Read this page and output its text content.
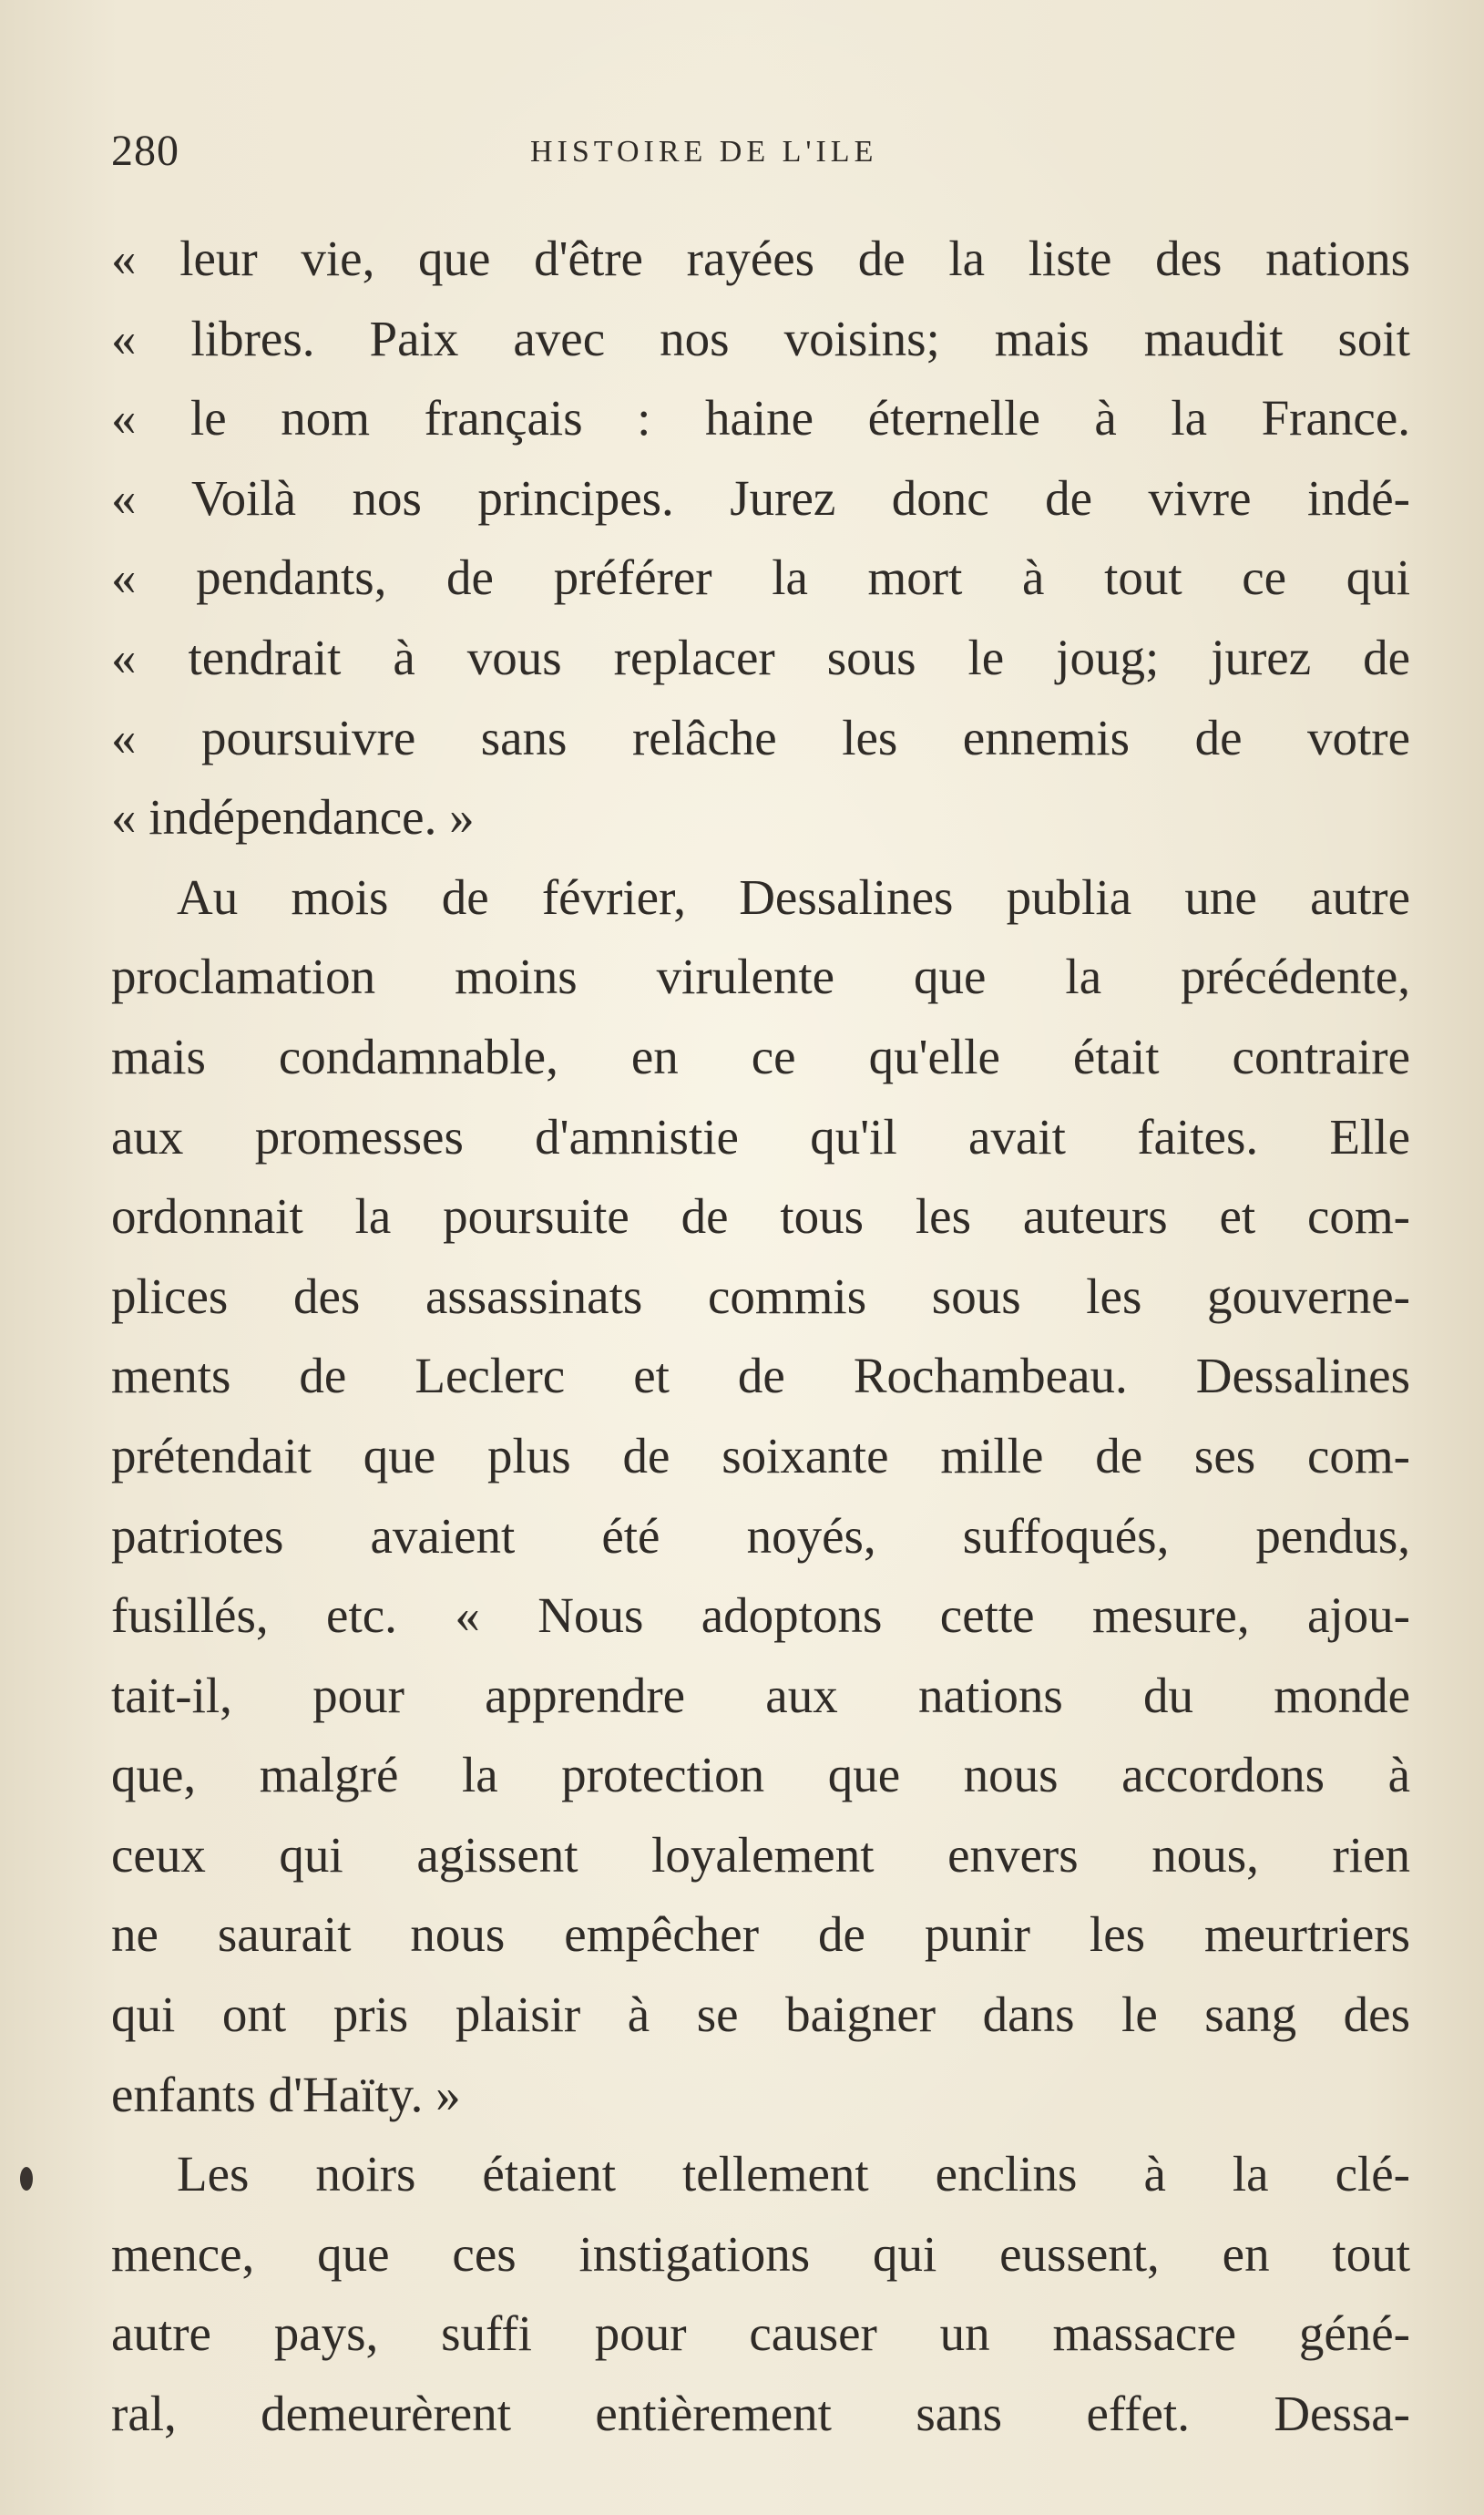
280	HISTOIRE DE L'ILE
« leur vie, que d'être rayées de la liste des nations
« libres. Paix avec nos voisins; mais maudit soit
« le nom français : haine éternelle à la France.
« Voilà nos principes. Jurez donc de vivre indé-
« pendants, de préférer la mort à tout ce qui
« tendrait à vous replacer sous le joug; jurez de
« poursuivre sans relâche les ennemis de votre
« indépendance. »
Au mois de février, Dessalines publia une autre
proclamation moins virulente que la précédente,
mais condamnable, en ce qu'elle était contraire
aux promesses d'amnistie qu'il avait faites. Elle
ordonnait la poursuite de tous les auteurs et com-
plices des assassinats commis sous les gouverne-
ments de Leclerc et de Rochambeau. Dessalines
prétendait que plus de soixante mille de ses com-
patriotes avaient été noyés, suffoqués, pendus,
fusillés, etc. « Nous adoptons cette mesure, ajou-
tait-il, pour apprendre aux nations du monde
que, malgré la protection que nous accordons à
ceux qui agissent loyalement envers nous, rien
ne saurait nous empêcher de punir les meurtriers
qui ont pris plaisir à se baigner dans le sang des
enfants d'Haïty. »
Les noirs étaient tellement enclins à la clé-
mence, que ces instigations qui eussent, en tout
autre pays, suffi pour causer un massacre géné-
ral, demeurèrent entièrement sans effet. Dessa-
